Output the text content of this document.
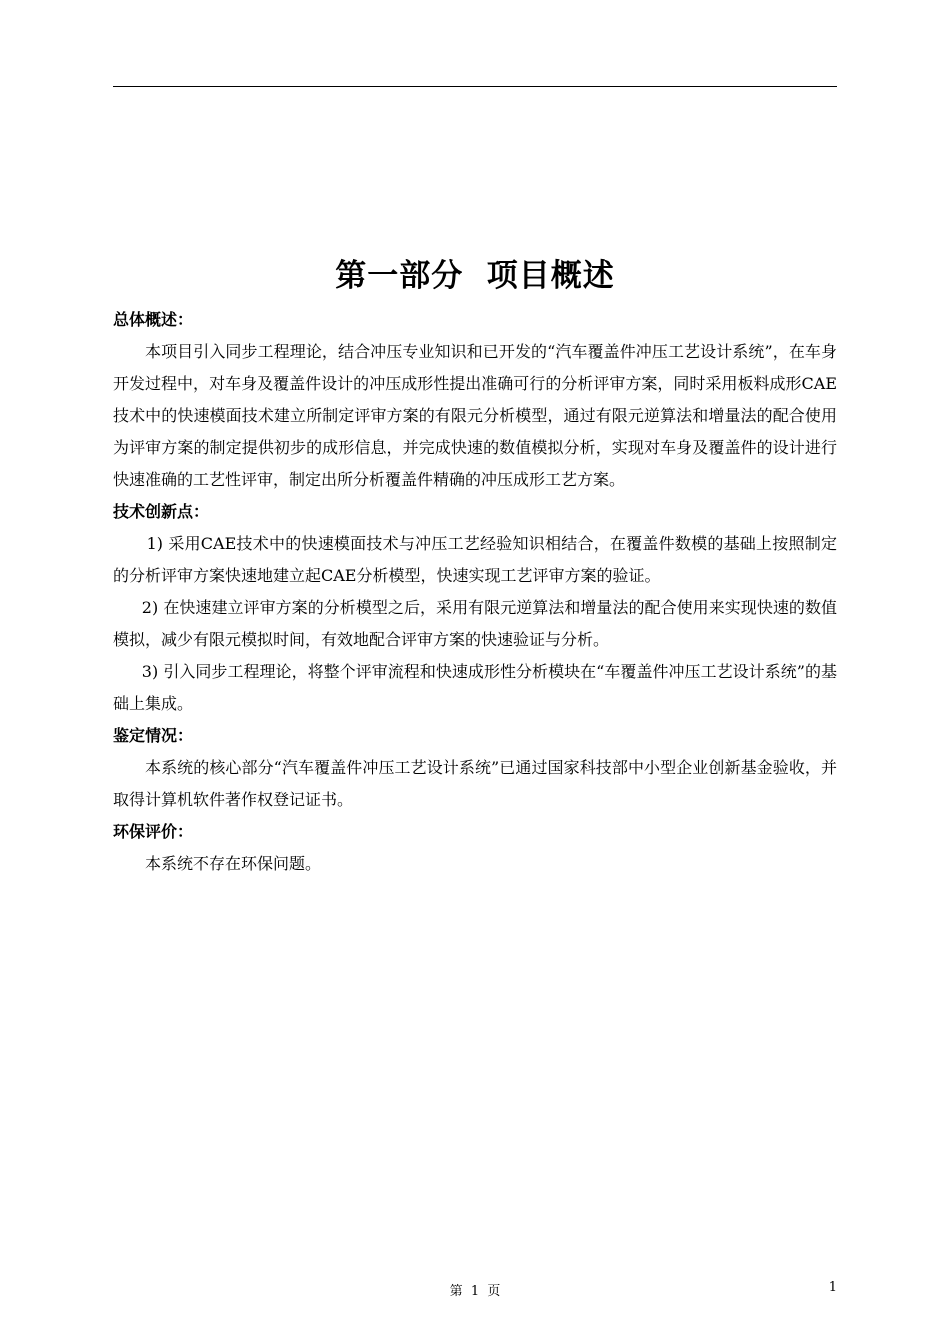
第一部分  项目概述

总体概述：

本项目引入同步工程理论，结合冲压专业知识和已开发的“汽车覆盖件冲压工艺设计系统”，在车身开发过程中，对车身及覆盖件设计的冲压成形性提出准确可行的分析评审方案，同时采用板料成形CAE技术中的快速模面技术建立所制定评审方案的有限元分析模型，通过有限元逆算法和增量法的配合使用为评审方案的制定提供初步的成形信息，并完成快速的数值模拟分析，实现对车身及覆盖件的设计进行快速准确的工艺性评审，制定出所分析覆盖件精确的冲压成形工艺方案。

技术创新点：

1) 采用CAE技术中的快速模面技术与冲压工艺经验知识相结合，在覆盖件数模的基础上按照制定的分析评审方案快速地建立起CAE分析模型，快速实现工艺评审方案的验证。

2) 在快速建立评审方案的分析模型之后，采用有限元逆算法和增量法的配合使用来实现快速的数值模拟，减少有限元模拟时间，有效地配合评审方案的快速验证与分析。

3) 引入同步工程理论，将整个评审流程和快速成形性分析模块在“车覆盖件冲压工艺设计系统”的基础上集成。

鉴定情况：

本系统的核心部分“汽车覆盖件冲压工艺设计系统”已通过国家科技部中小型企业创新基金验收，并取得计算机软件著作权登记证书。

环保评价：

本系统不存在环保问题。

第  1  页	1
